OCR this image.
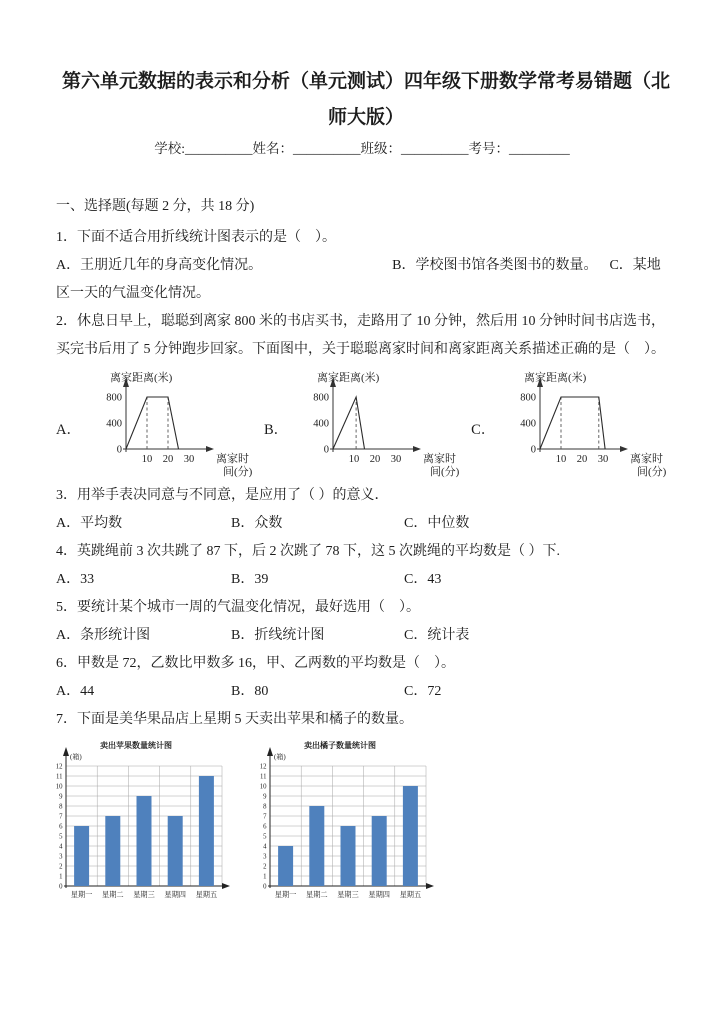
第六单元数据的表示和分析（单元测试）四年级下册数学常考易错题（北师大版）

学校:__________姓名：__________班级：__________考号：_________

一、选择题(每题 2 分，共 18 分)

1．下面不适合用折线统计图表示的是（　）。

A．王朋近几年的身高变化情况。	B．学校图书馆各类图书的数量。 C．某地区一天的气温变化情况。

2．休息日早上，聪聪到离家 800 米的书店买书，走路用了 10 分钟，然后用 10 分钟时间书店选书，买完书后用了 5 分钟跑步回家。下面图中，关于聪聪离家时间和离家距离关系描述正确的是（　）。

A．
离家距离(米)
800
400
0
10 20 30 离家时
间(分)
B．
离家距离(米)
800
400
0
10 20 30 离家时
间(分)
C．
离家距离(米)
800
400
0
10 20 30 离家时
间(分)

3．用举手表决同意与不同意，是应用了（ ）的意义．

A．平均数	B．众数	C．中位数

4．英跳绳前 3 次共跳了 87 下，后 2 次跳了 78 下，这 5 次跳绳的平均数是（ ）下.

A．33	B．39	C．43

5．要统计某个城市一周的气温变化情况，最好选用（　）。

A．条形统计图	B．折线统计图	C．统计表

6．甲数是 72，乙数比甲数多 16，甲、乙两数的平均数是（　）。

A．44	B．80	C．72

7．下面是美华果品店上星期 5 天卖出苹果和橘子的数量。

卖出苹果数量统计图
(箱)
0
1
2
3
4
5
6
7
8
9
10
11
12
星期一 星期二 星期三 星期四 星期五
卖出橘子数量统计图
(箱)
0
1
2
3
4
5
6
7
8
9
10
11
12
星期一 星期二 星期三 星期四 星期五
